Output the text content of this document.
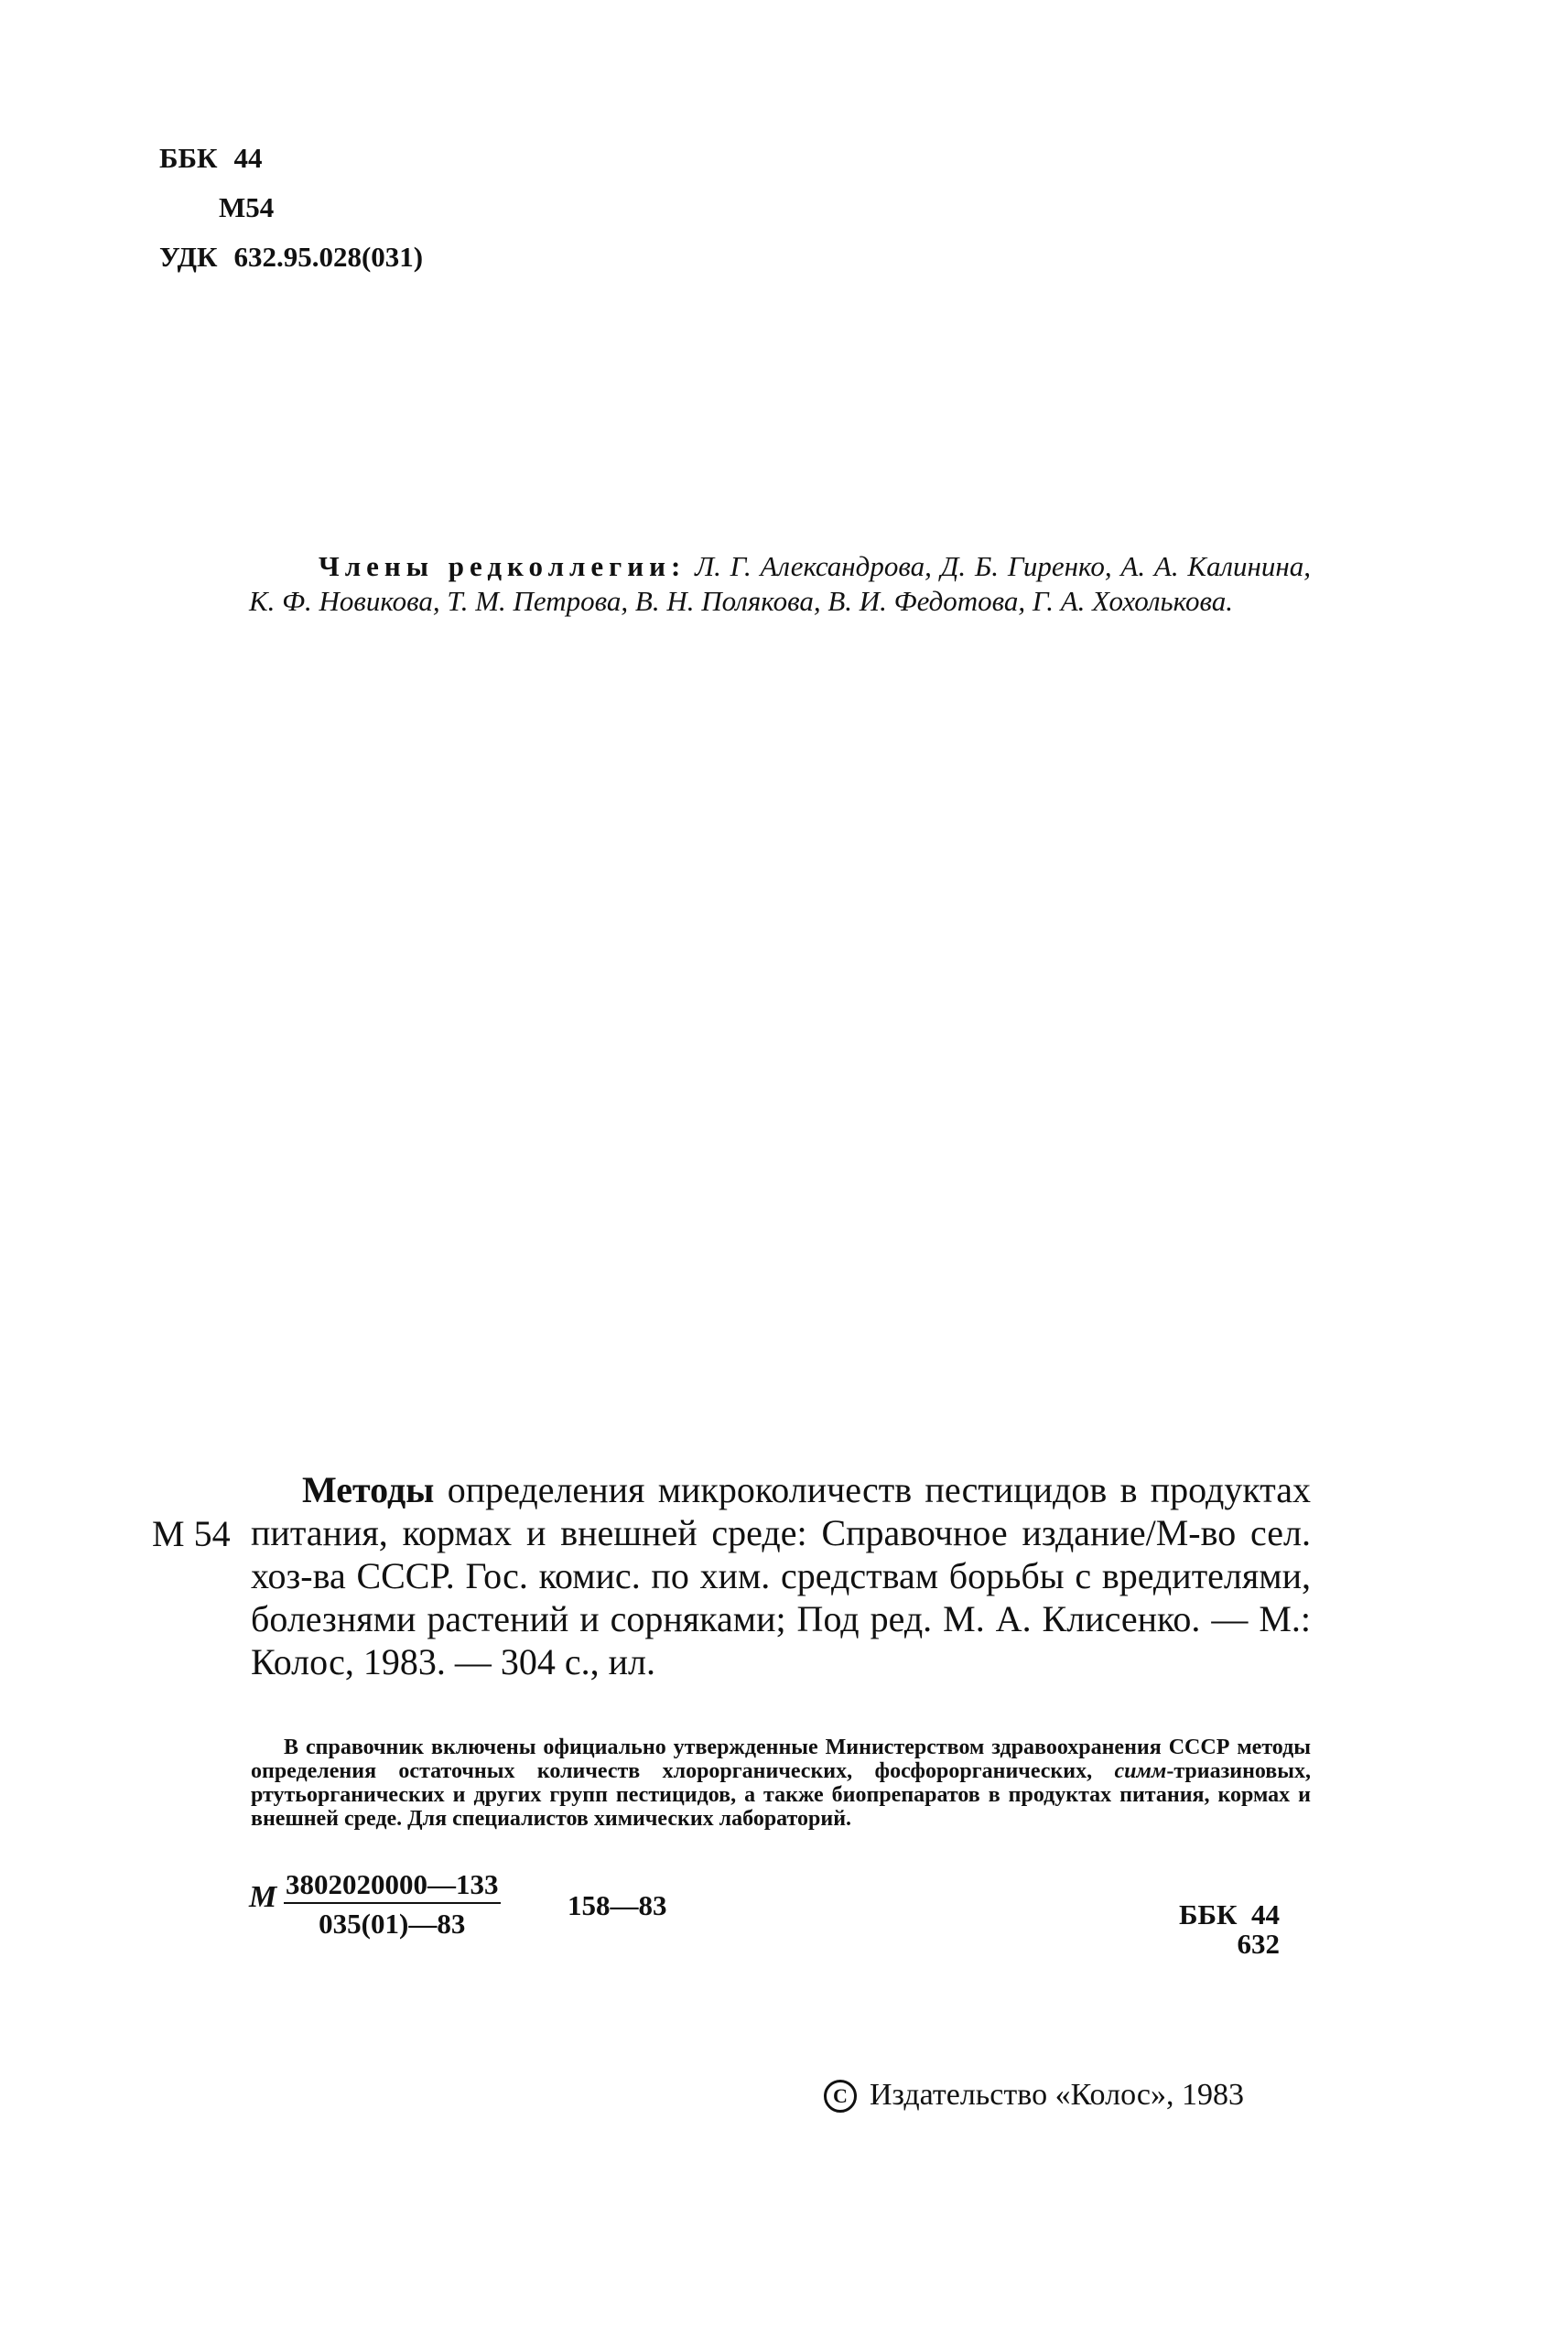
ББК 44
М54
УДК 632.95.028(031)
Члены редколлегии: Л. Г. Александрова, Д. Б. Гиренко, А. А. Калинина, К. Ф. Новикова, Т. М. Петрова, В. Н. Полякова, В. И. Федотова, Г. А. Хохолькова.
М 54

Методы определения микроколичеств пестицидов в продуктах питания, кормах и внешней среде: Справочное издание/М-во сел. хоз-ва СССР. Гос. комис. по хим. средствам борьбы с вредителями, болезнями растений и сорняками; Под ред. М. А. Клисенко. — М.: Колос, 1983. — 304 с., ил.

В справочник включены официально утвержденные Министерством здравоохранения СССР методы определения остаточных количеств хлорорганических, фосфорорганических, симм-триазиновых, ртутьорганических и других групп пестицидов, а также биопрепаратов в продуктах питания, кормах и внешней среде. Для специалистов химических лабораторий.
М $\frac{3802020000—133}{035(01)—83}$ 158—83	ББК 44
632
C Издательство «Колос», 1983
